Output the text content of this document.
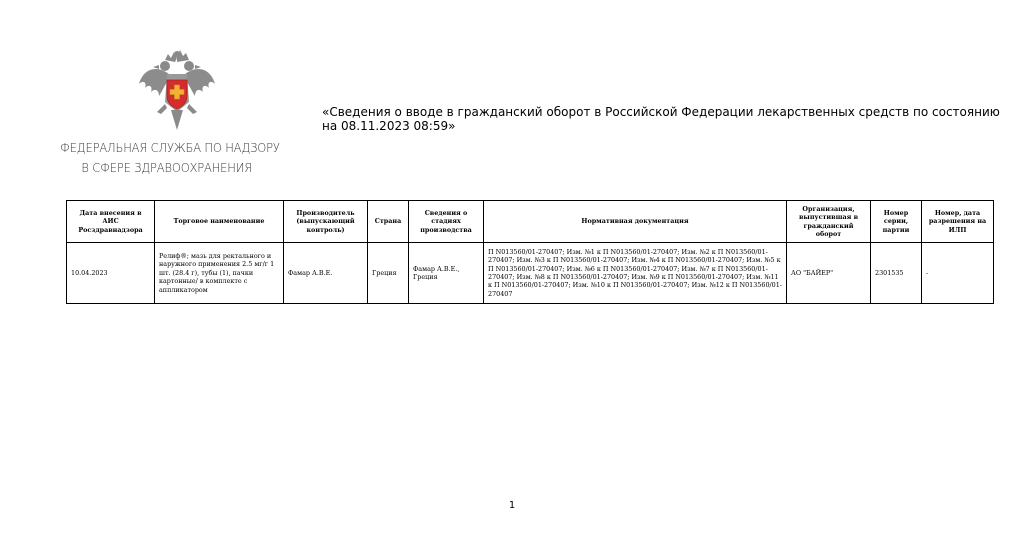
ФЕДЕРАЛЬНАЯ СЛУЖБА ПО НАДЗОРУ
В СФЕРЕ ЗДРАВООХРАНЕНИЯ
«Сведения о вводе в гражданский оборот в Российской Федерации лекарственных средств по состоянию на 08.11.2023 08:59»
Дата внесения в АИС Росздравнадзора	Торговое наименование	Производитель (выпускающий контроль)	Страна	Сведения о стадиях производства	Нормативная документация	Организация, выпустившая в гражданский оборот	Номер серии, партии	Номер, дата разрешения на ИЛП
10.04.2023	Релиф®; мазь для ректального и наружного применения 2.5 мг/г 1 шт. (28.4 г), тубы (1), пачки картонные/ в комплекте с аппликатором	Фамар А.В.Е.	Греция	Фамар А.В.Е., Греция	П N013560/01-270407; Изм. №1 к П N013560/01-270407; Изм. №2 к П N013560/01-270407; Изм. №3 к П N013560/01-270407; Изм. №4 к П N013560/01-270407; Изм. №5 к П N013560/01-270407; Изм. №6 к П N013560/01-270407; Изм. №7 к П N013560/01-270407; Изм. №8 к П N013560/01-270407; Изм. №9 к П N013560/01-270407; Изм. №11 к П N013560/01-270407; Изм. №10 к П N013560/01-270407; Изм. №12 к П N013560/01-270407	АО "БАЙЕР"	2301535	-
1
